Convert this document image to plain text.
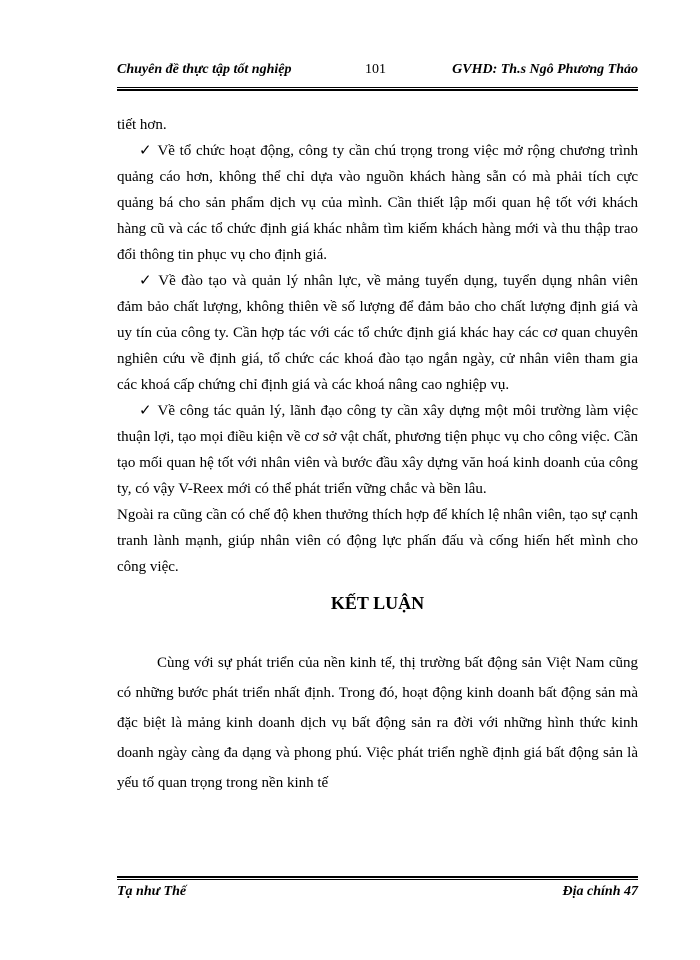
Chuyên đề thực tập tốt nghiệp	101	GVHD: Th.s Ngô Phương Thảo

tiết hơn.

✓ Về tổ chức hoạt động, công ty cần chú trọng trong việc mở rộng chương trình quảng cáo hơn, không thể chỉ dựa vào nguồn khách hàng sẵn có mà phải tích cực quảng bá cho sản phẩm dịch vụ của mình. Cần thiết lập mối quan hệ tốt với khách hàng cũ và các tổ chức định giá khác nhằm tìm kiếm khách hàng mới và thu thập trao đổi thông tin phục vụ cho định giá.

✓ Về đào tạo và quản lý nhân lực, về mảng tuyển dụng, tuyển dụng nhân viên đảm bảo chất lượng, không thiên về số lượng để đảm bảo cho chất lượng định giá và uy tín của công ty. Cần hợp tác với các tổ chức định giá khác hay các cơ quan chuyên nghiên cứu về định giá, tổ chức các khoá đào tạo ngắn ngày, cử nhân viên tham gia các khoá cấp chứng chỉ định giá và các khoá nâng cao nghiệp vụ.

✓ Về công tác quản lý, lãnh đạo công ty cần xây dựng một môi trường làm việc thuận lợi, tạo mọi điều kiện về cơ sở vật chất, phương tiện phục vụ cho công việc. Cần tạo mối quan hệ tốt với nhân viên và bước đầu xây dựng văn hoá kinh doanh của công ty, có vậy V-Reex mới có thể phát triển vững chắc và bền lâu.

Ngoài ra cũng cần có chế độ khen thưởng thích hợp để khích lệ nhân viên, tạo sự cạnh tranh lành mạnh, giúp nhân viên có động lực phấn đấu và cống hiến hết mình cho công việc.

KẾT LUẬN

Cùng với sự phát triển của nền kinh tế, thị trường bất động sản Việt Nam cũng có những bước phát triển nhất định. Trong đó, hoạt động kinh doanh bất động sản mà đặc biệt là mảng kinh doanh dịch vụ bất động sản ra đời với những hình thức kinh doanh ngày càng đa dạng và phong phú. Việc phát triển nghề định giá bất động sản là yếu tố quan trọng trong nền kinh tế

Tạ như Thế	Địa chính 47
